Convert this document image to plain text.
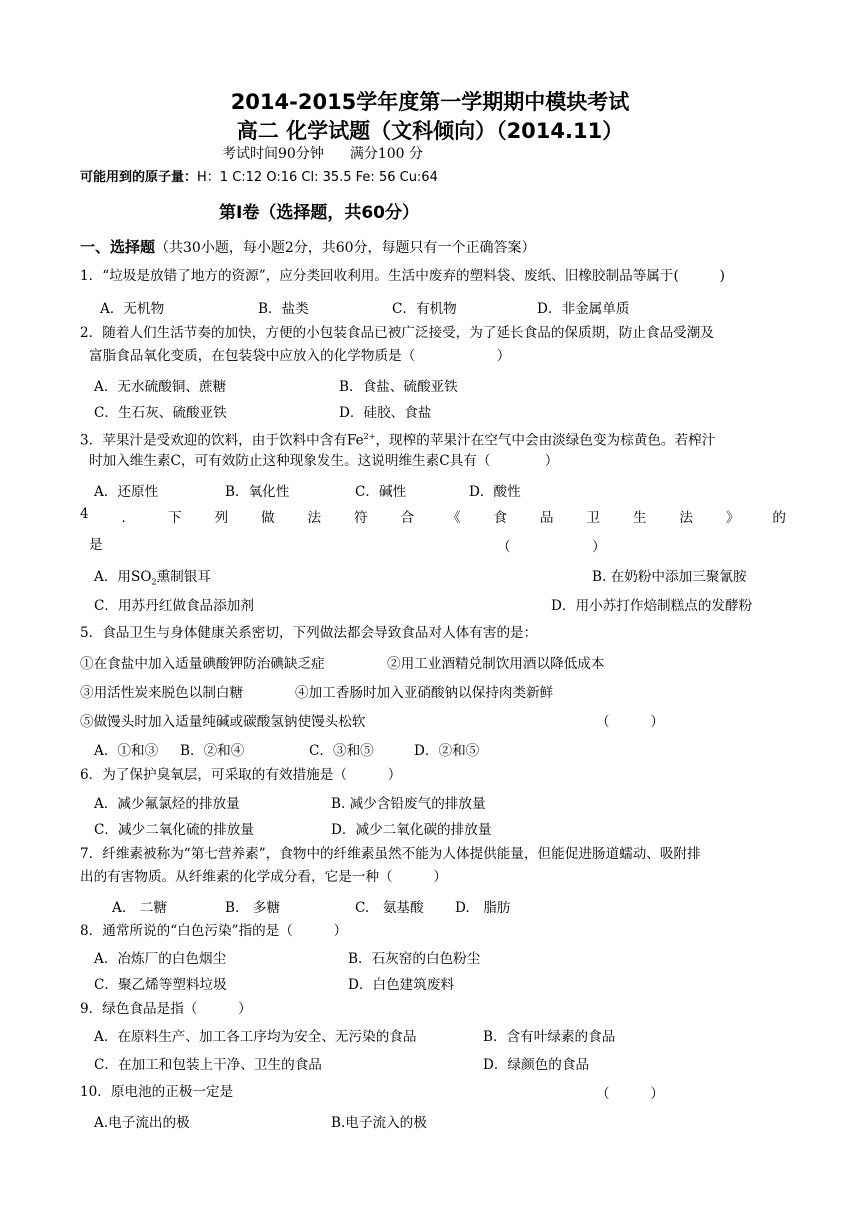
2014-2015学年度第一学期期中模块考试
高二 化学试题（文科倾向）（2014.11）
考试时间90分钟 满分100 分
可能用到的原子量：H：1 C:12 O:16 Cl: 35.5 Fe: 56 Cu:64
第Ⅰ卷（选择题，共60分）
一、选择题（共30小题，每小题2分，共60分，每题只有一个正确答案）
1．“垃圾是放错了地方的资源”，应分类回收利用。生活中废弃的塑料袋、废纸、旧橡胶制品等属于(　　　)
A．无机物	B．盐类	C．有机物	D．非金属单质
2．随着人们生活节奏的加快，方便的小包装食品已被广泛接受，为了延长食品的保质期，防止食品受潮及
富脂食品氧化变质，在包装袋中应放入的化学物质是（　　　　　　）
A．无水硫酸铜、蔗糖	B．食盐、硫酸亚铁
C．生石灰、硫酸亚铁	D．硅胶、食盐
3．苹果汁是受欢迎的饮料，由于饮料中含有$Fe^{2+}$，现榨的苹果汁在空气中会由淡绿色变为棕黄色。若榨汁
时加入维生素C，可有效防止这种现象发生。这说明维生素C具有（　　　　）
A．还原性	B．氧化性	C．碱性	D．酸性
4 ． 下 列 做 法 符 合 《 食 品 卫 生 法 》 的
是	（　　　　　　）
A．用$SO_2$熏制银耳	B. 在奶粉中添加三聚氰胺
C．用苏丹红做食品添加剂	D．用小苏打作焙制糕点的发酵粉
5．食品卫生与身体健康关系密切，下列做法都会导致食品对人体有害的是：
①在食盐中加入适量碘酸钾防治碘缺乏症	②用工业酒精兑制饮用酒以降低成本
③用活性炭来脱色以制白糖	④加工香肠时加入亚硝酸钠以保持肉类新鲜
⑤做馒头时加入适量纯碱或碳酸氢钠使馒头松软	（　　　）
A．①和③ B．②和④	C．③和⑤	D．②和⑤
6．为了保护臭氧层，可采取的有效措施是（　　　）
A．减少氟氯烃的排放量	B. 减少含铅废气的排放量
C．减少二氧化硫的排放量	D．减少二氧化碳的排放量
7．纤维素被称为“第七营养素”，食物中的纤维素虽然不能为人体提供能量，但能促进肠道蠕动、吸附排
出的有害物质。从纤维素的化学成分看，它是一种（　　　）
A.　二糖	B.　多糖	C.　氨基酸 D.　脂肪
8．通常所说的“白色污染”指的是（　　　）
A．冶炼厂的白色烟尘	B．石灰窑的白色粉尘
C．聚乙烯等塑料垃圾	D．白色建筑废料
9．绿色食品是指（　　　）
A．在原料生产、加工各工序均为安全、无污染的食品	B．含有叶绿素的食品
C．在加工和包装上干净、卫生的食品	D．绿颜色的食品
10．原电池的正极一定是	（　　　）
A.电子流出的极	B.电子流入的极
